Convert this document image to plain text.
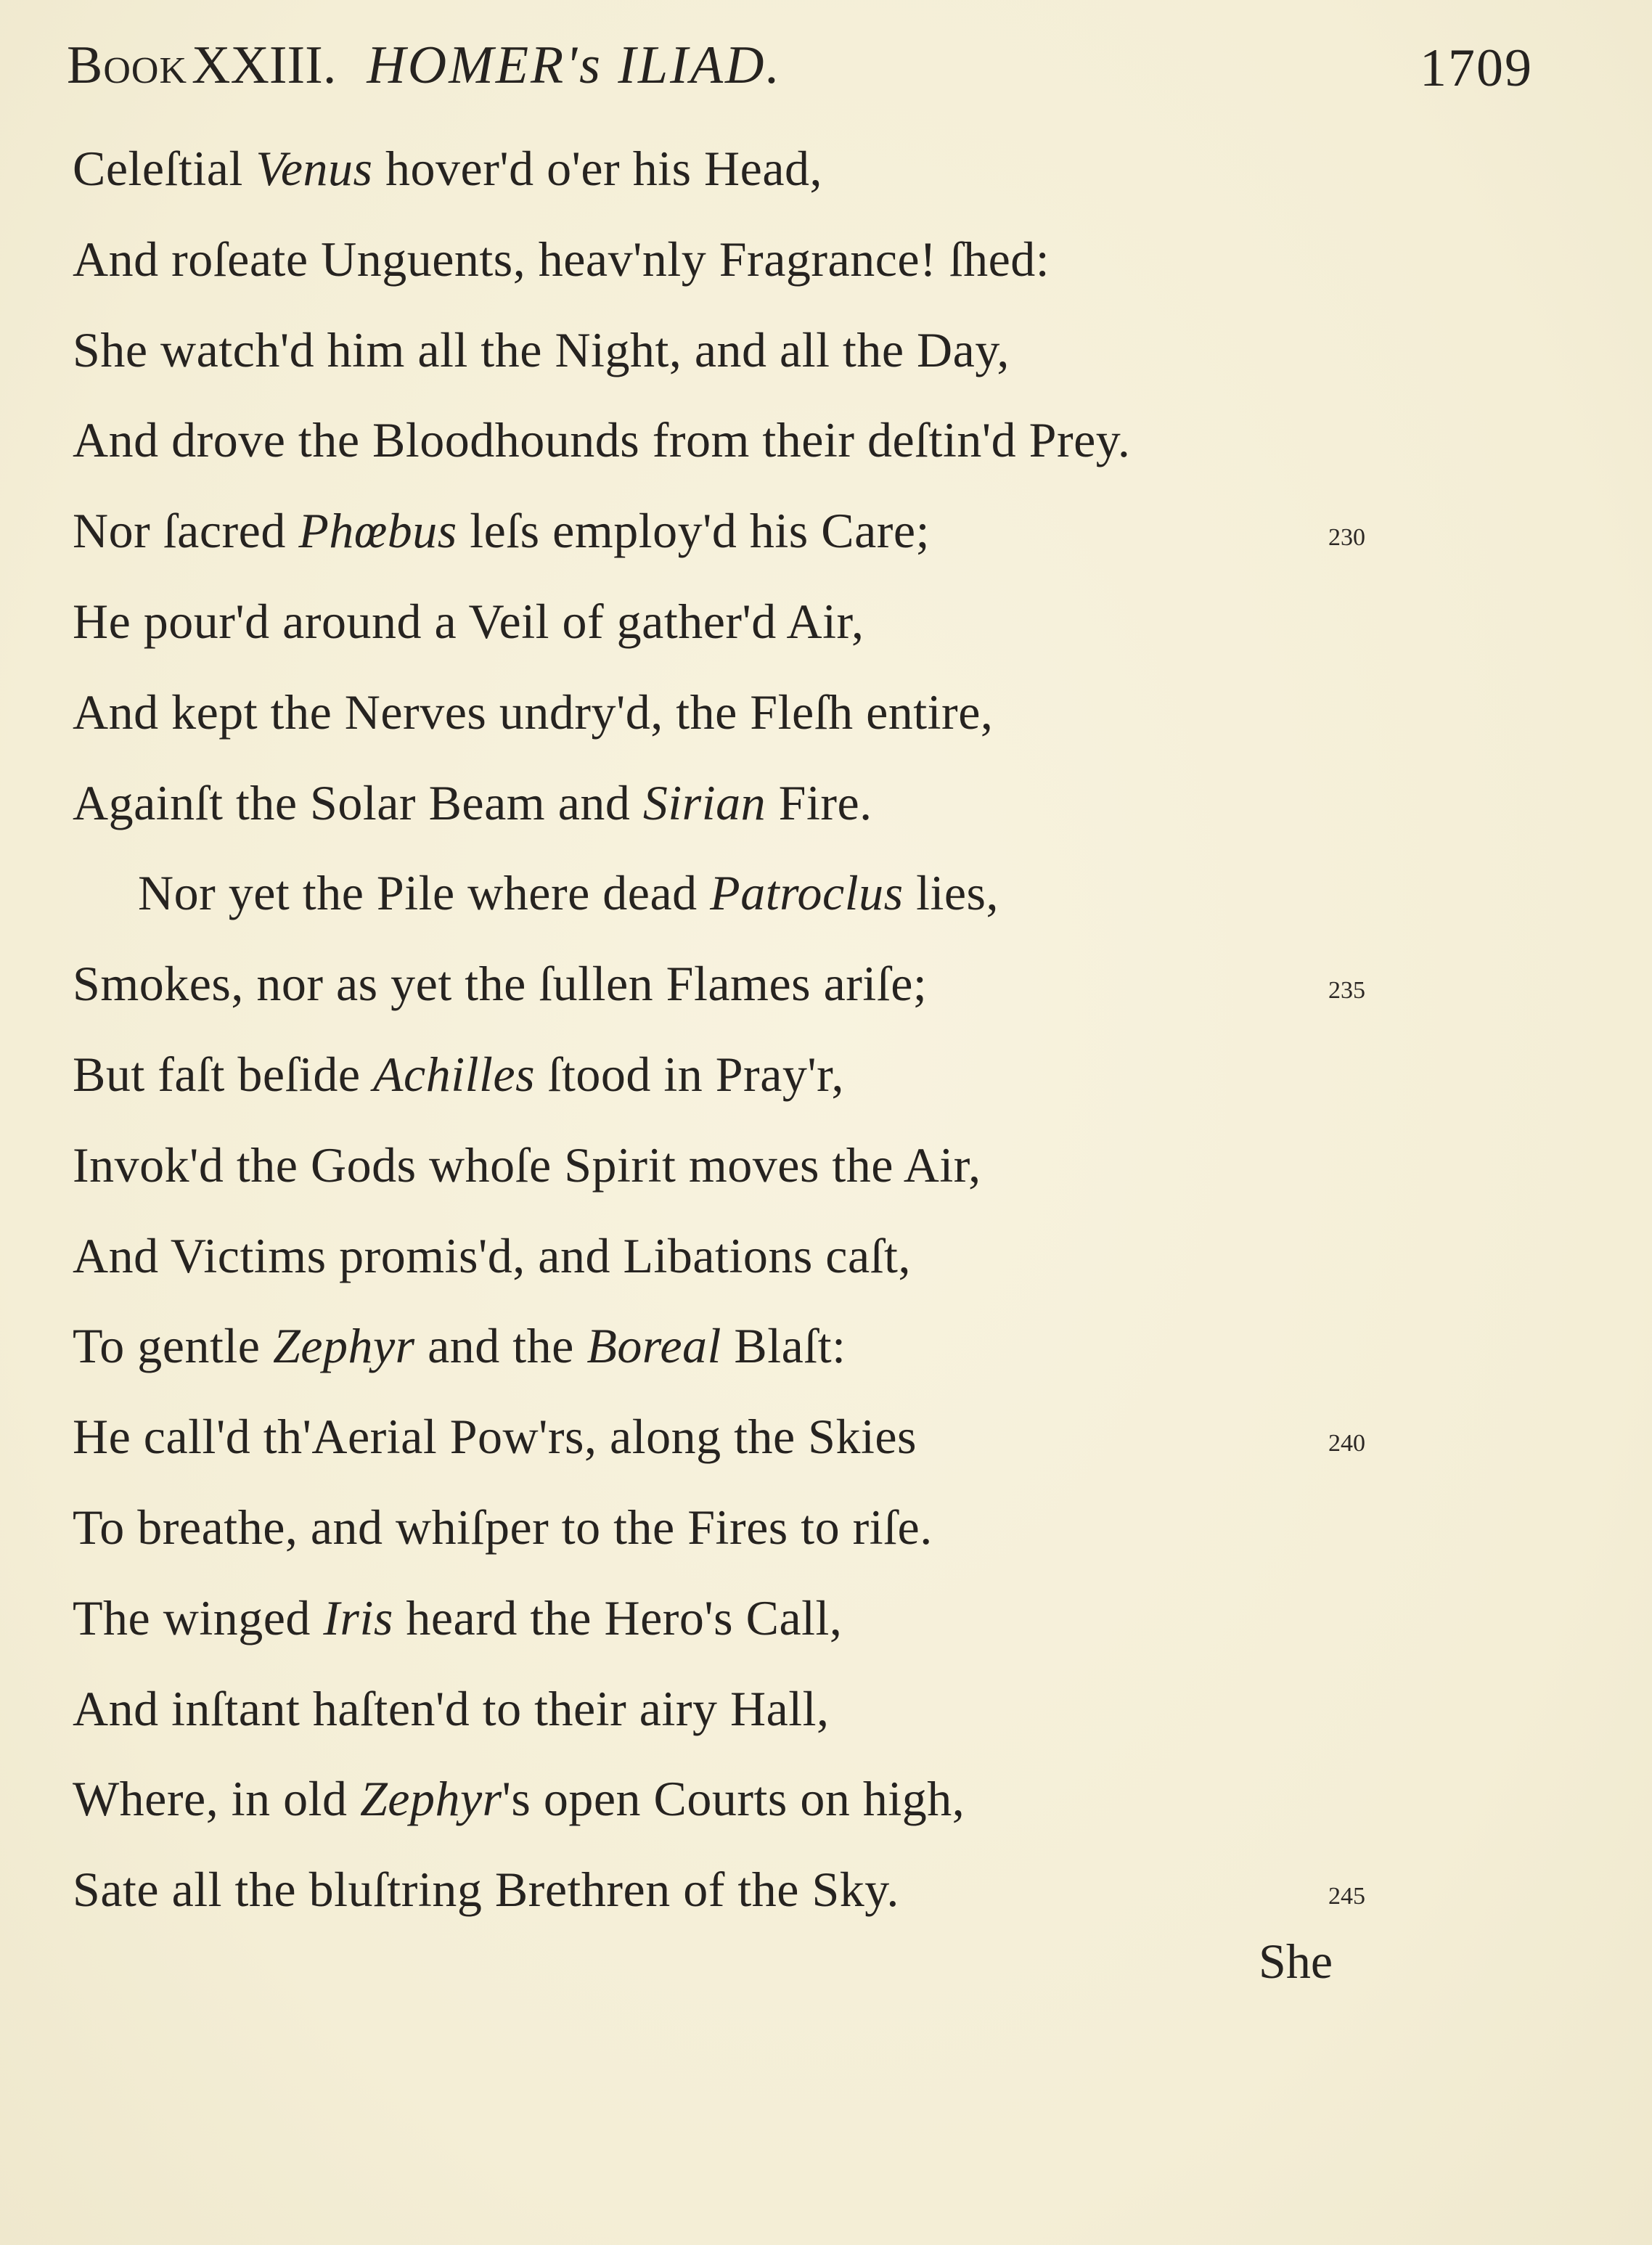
BookXXIII. HOMER's ILIAD.	1709
Celeſtial Venus hover'd o'er his Head,
And roſeate Unguents, heav'nly Fragrance! ſhed:
She watch'd him all the Night, and all the Day,
And drove the Bloodhounds from their deſtin'd Prey.
Nor ſacred Phœbus leſs employ'd his Care;
He pour'd around a Veil of gather'd Air,
And kept the Nerves undry'd, the Fleſh entire,
Againſt the Solar Beam and Sirian Fire.
Nor yet the Pile where dead Patroclus lies,
Smokes, nor as yet the ſullen Flames ariſe;
But faſt beſide Achilles ſtood in Pray'r,
Invok'd the Gods whoſe Spirit moves the Air,
And Victims promis'd, and Libations caſt,
To gentle Zephyr and the Boreal Blaſt:
He call'd th'Aerial Pow'rs, along the Skies
To breathe, and whiſper to the Fires to riſe.
The winged Iris heard the Hero's Call,
And inſtant haſten'd to their airy Hall,
Where, in old Zephyr's open Courts on high,
Sate all the bluſtring Brethren of the Sky.
230
235
240
245
She
